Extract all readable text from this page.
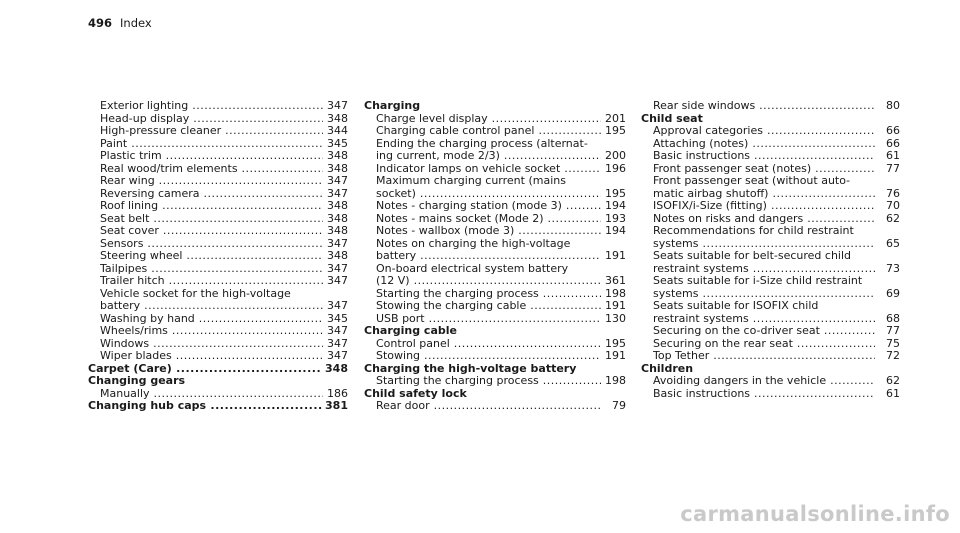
496 Index
Exterior lighting .....	347
Head-up display .....	348
High-pressure cleaner .....	344
Paint .....	345
Plastic trim .....	348
Real wood/trim elements .....	348
Rear wing .....	347
Reversing camera .....	347
Roof lining .....	348
Seat belt .....	348
Seat cover .....	348
Sensors .....	347
Steering wheel .....	348
Tailpipes .....	347
Trailer hitch .....	347
Vehicle socket for the high-voltage
battery .....	347
Washing by hand .....	345
Wheels/rims .....	347
Windows .....	347
Wiper blades .....	347
Carpet (Care) .....	348
Changing gears
Manually .....	186
Changing hub caps .....	381
Charging
Charge level display .....	201
Charging cable control panel .....	195
Ending the charging process (alternat-
ing current, mode 2/3) .....	200
Indicator lamps on vehicle socket .....	196
Maximum charging current (mains
socket) .....	195
Notes - charging station (mode 3) .....	194
Notes - mains socket (Mode 2) .....	193
Notes - wallbox (mode 3) .....	194
Notes on charging the high-voltage
battery .....	191
On-board electrical system battery
(12 V) .....	361
Starting the charging process .....	198
Stowing the charging cable .....	191
USB port .....	130
Charging cable
Control panel .....	195
Stowing .....	191
Charging the high-voltage battery
Starting the charging process .....	198
Child safety lock
Rear door .....	79
Rear side windows .....	80
Child seat
Approval categories .....	66
Attaching (notes) .....	66
Basic instructions .....	61
Front passenger seat (notes) .....	77
Front passenger seat (without auto-
matic airbag shutoff) .....	76
ISOFIX/i-Size (fitting) .....	70
Notes on risks and dangers .....	62
Recommendations for child restraint
systems .....	65
Seats suitable for belt-secured child
restraint systems .....	73
Seats suitable for i-Size child restraint
systems .....	69
Seats suitable for ISOFIX child
restraint systems .....	68
Securing on the co-driver seat .....	77
Securing on the rear seat .....	75
Top Tether .....	72
Children
Avoiding dangers in the vehicle .....	62
Basic instructions .....	61
carmanualsonline.info
